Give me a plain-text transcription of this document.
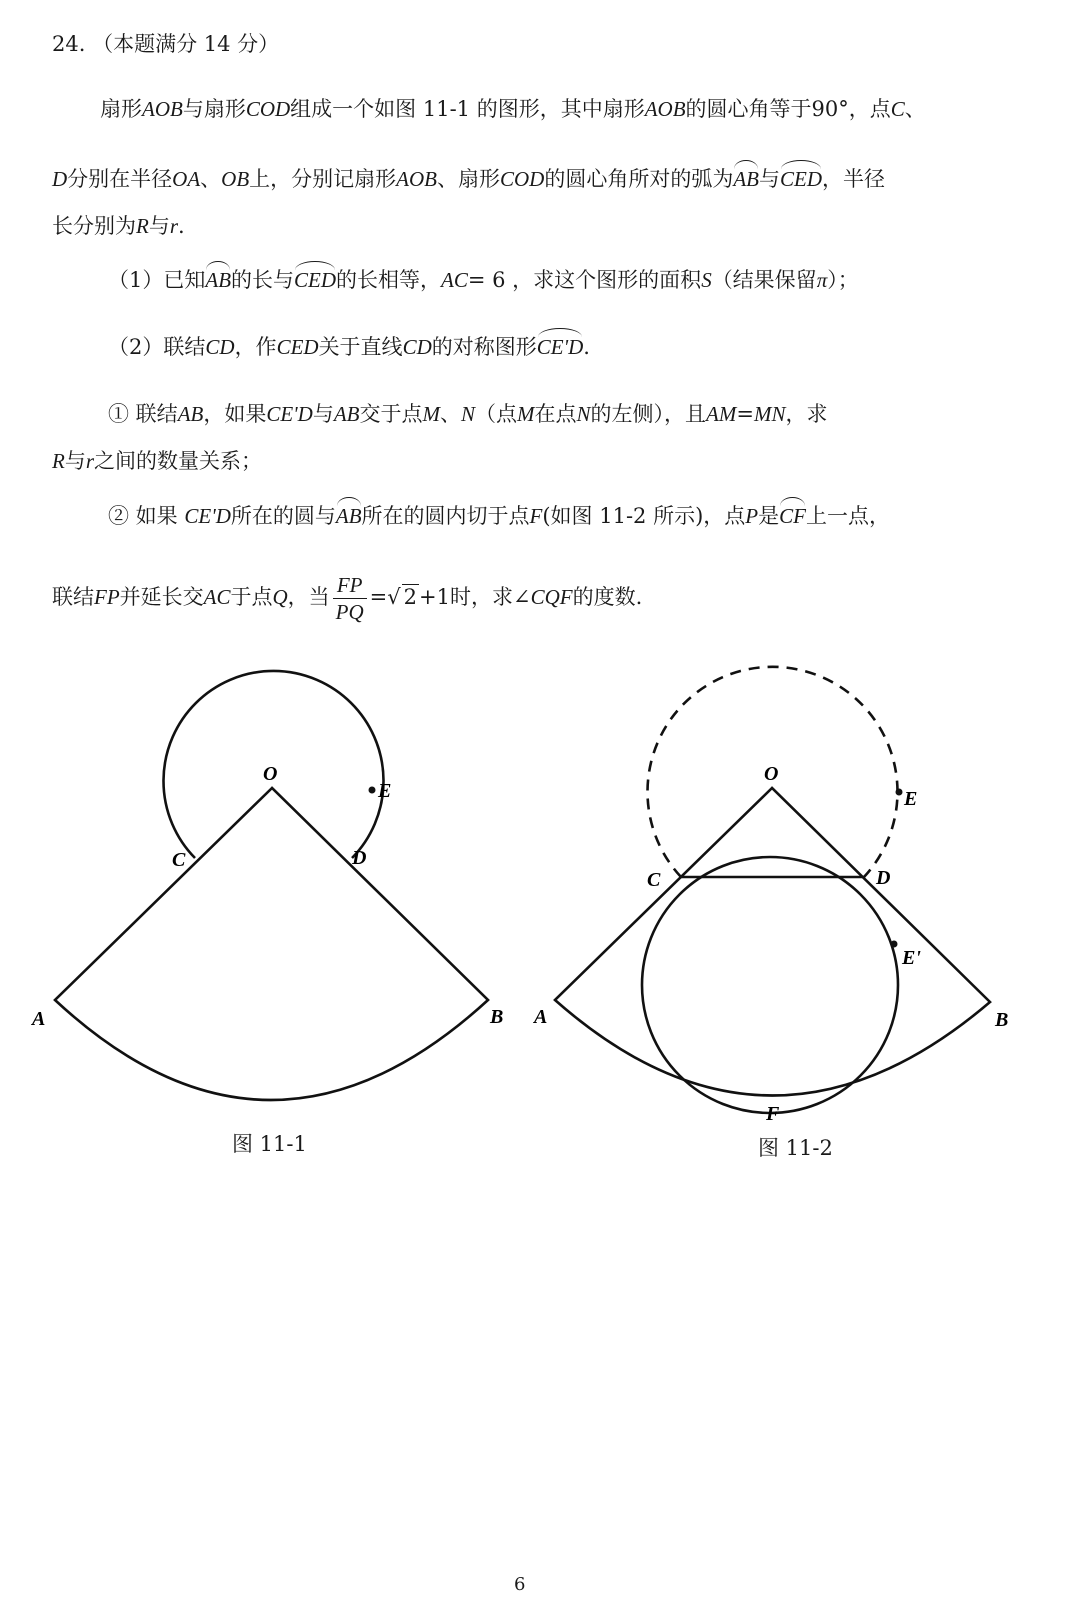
24. （本题满分 14 分）
扇形AOB与扇形COD组成一个如图 11-1 的图形，其中扇形AOB的圆心角等于90°，点C、
D分别在半径OA、OB上，分别记扇形AOB、扇形COD的圆心角所对的弧为AB与CED，半径
长分别为R与r.
（1）已知AB的长与CED的长相等，AC= 6 ，求这个图形的面积S（结果保留π）；
（2）联结CD，作CED关于直线CD的对称图形CE'D.
① 联结AB，如果CE'D与AB交于点M、N（点M在点N的左侧），且AM=MN，求
R与r之间的数量关系；
② 如果 CE'D所在的圆与AB所在的圆内切于点F(如图 11-2 所示)，点P是CF上一点，
联结FP并延长交AC于点Q，当 $\frac{FP}{PQ}$ =√ 2+1时，求∠CQF的度数.
O
E
C	D
A	B
图 11-1
O
E
C	D
E'
A	B
F
图 11-2
6
